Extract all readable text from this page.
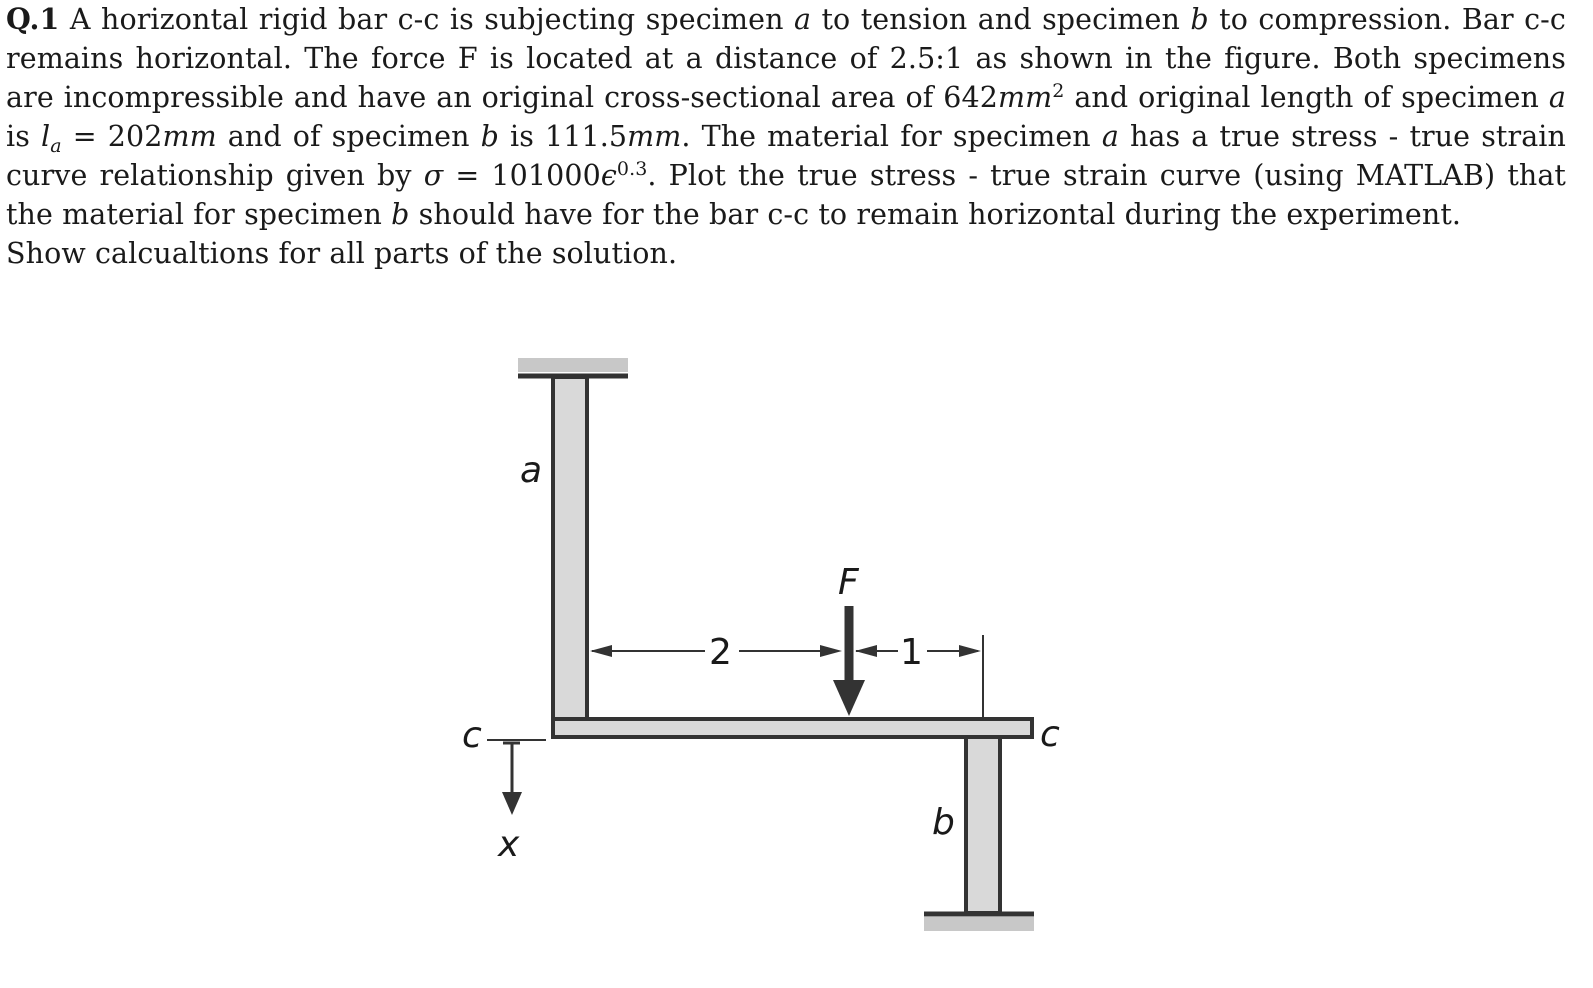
Q.1 A horizontal rigid bar c-c is subjecting specimen a to tension and specimen b to compression. Bar c-c remains horizontal. The force F is located at a distance of 2.5:1 as shown in the figure. Both specimens are incompressible and have an original cross-sectional area of $642mm^2$ and original length of specimen a is $l_a = 202mm$ and of specimen b is 111.5mm. The material for specimen a has a true stress - true strain curve relationship given by $\sigma = 101000\epsilon^{0.3}$. Plot the true stress - true strain curve (using MATLAB) that the material for specimen b should have for the bar c-c to remain horizontal during the experiment.

Show calcualtions for all parts of the solution.

a
b
c	c
x
F
2	1
